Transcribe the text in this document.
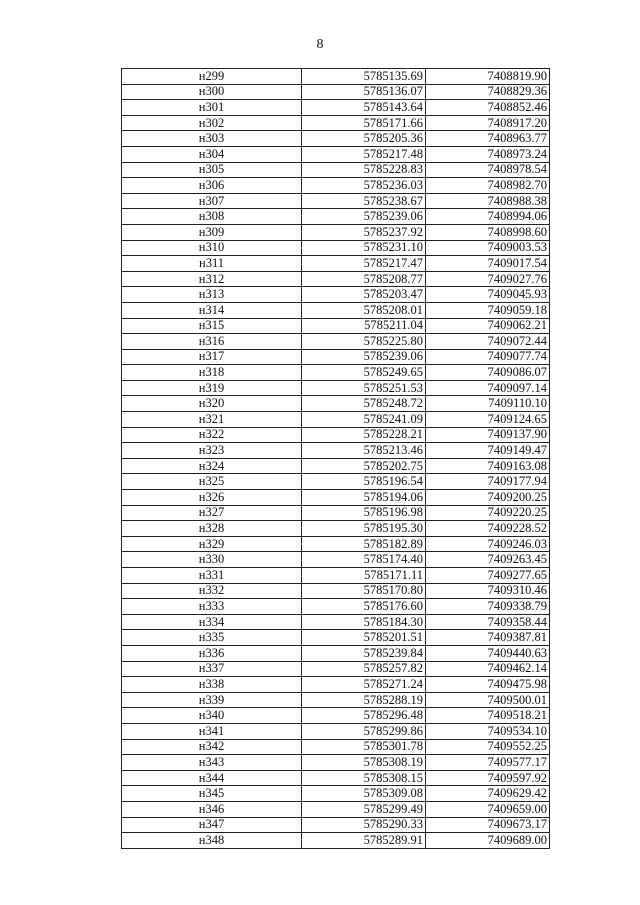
8
н299	5785135.69	7408819.90
н300	5785136.07	7408829.36
н301	5785143.64	7408852.46
н302	5785171.66	7408917.20
н303	5785205.36	7408963.77
н304	5785217.48	7408973.24
н305	5785228.83	7408978.54
н306	5785236.03	7408982.70
н307	5785238.67	7408988.38
н308	5785239.06	7408994.06
н309	5785237.92	7408998.60
н310	5785231.10	7409003.53
н311	5785217.47	7409017.54
н312	5785208.77	7409027.76
н313	5785203.47	7409045.93
н314	5785208.01	7409059.18
н315	5785211.04	7409062.21
н316	5785225.80	7409072.44
н317	5785239.06	7409077.74
н318	5785249.65	7409086.07
н319	5785251.53	7409097.14
н320	5785248.72	7409110.10
н321	5785241.09	7409124.65
н322	5785228.21	7409137.90
н323	5785213.46	7409149.47
н324	5785202.75	7409163.08
н325	5785196.54	7409177.94
н326	5785194.06	7409200.25
н327	5785196.98	7409220.25
н328	5785195.30	7409228.52
н329	5785182.89	7409246.03
н330	5785174.40	7409263.45
н331	5785171.11	7409277.65
н332	5785170.80	7409310.46
н333	5785176.60	7409338.79
н334	5785184.30	7409358.44
н335	5785201.51	7409387.81
н336	5785239.84	7409440.63
н337	5785257.82	7409462.14
н338	5785271.24	7409475.98
н339	5785288.19	7409500.01
н340	5785296.48	7409518.21
н341	5785299.86	7409534.10
н342	5785301.78	7409552.25
н343	5785308.19	7409577.17
н344	5785308.15	7409597.92
н345	5785309.08	7409629.42
н346	5785299.49	7409659.00
н347	5785290.33	7409673.17
н348	5785289.91	7409689.00
